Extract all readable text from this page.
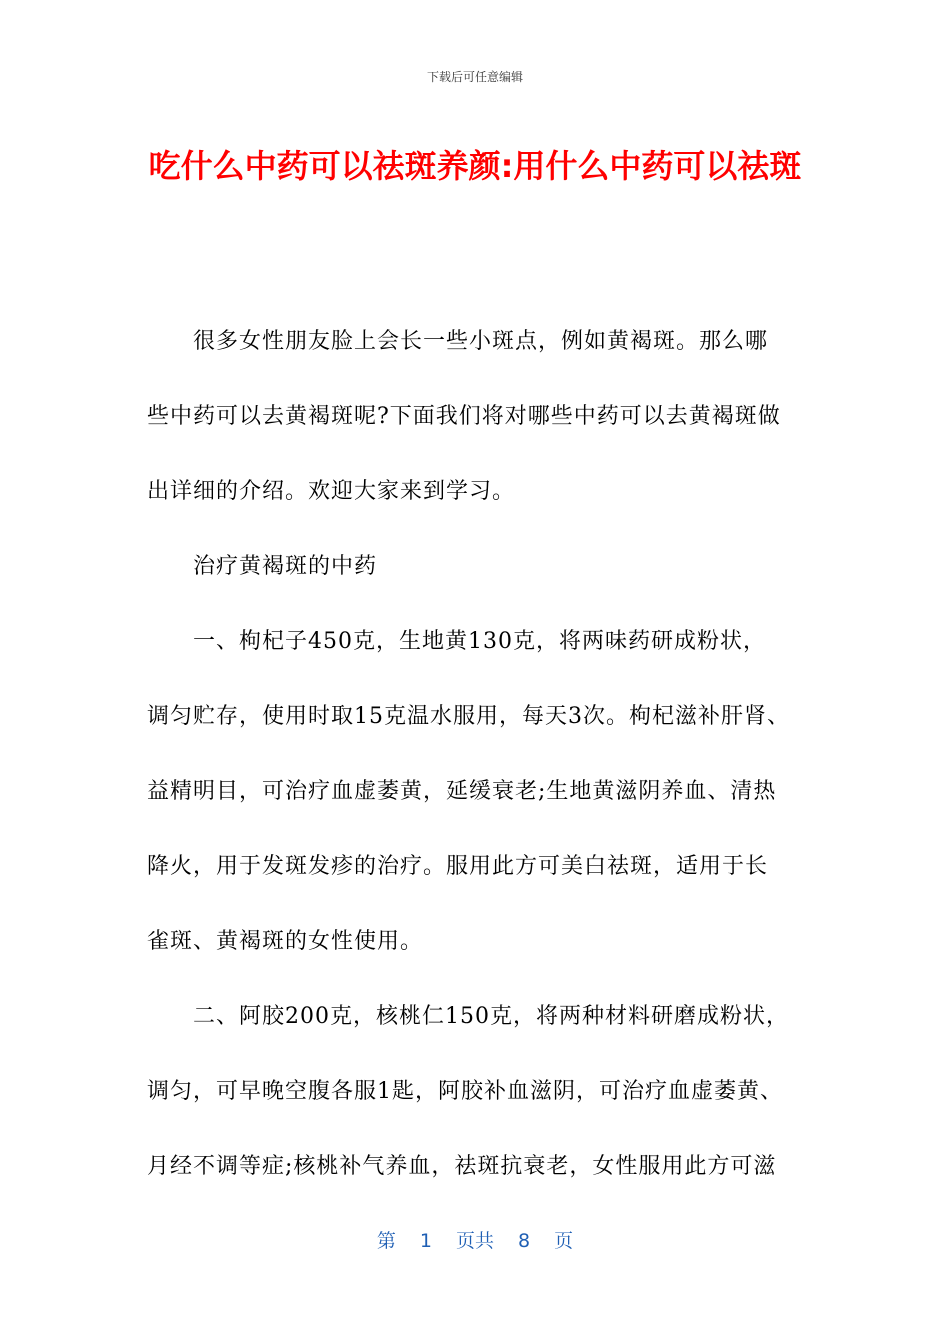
下载后可任意编辑
吃什么中药可以祛斑养颜:用什么中药可以祛斑
很多女性朋友脸上会长一些小斑点，例如黄褐斑。那么哪
些中药可以去黄褐斑呢?下面我们将对哪些中药可以去黄褐斑做
出详细的介绍。欢迎大家来到学习。
治疗黄褐斑的中药
一、枸杞子450克，生地黄130克，将两味药研成粉状，
调匀贮存，使用时取15克温水服用，每天3次。枸杞滋补肝肾、
益精明目，可治疗血虚萎黄，延缓衰老;生地黄滋阴养血、清热
降火，用于发斑发疹的治疗。服用此方可美白祛斑，适用于长
雀斑、黄褐斑的女性使用。
二、阿胶200克，核桃仁150克，将两种材料研磨成粉状，
调匀，可早晚空腹各服1匙，阿胶补血滋阴，可治疗血虚萎黄、
月经不调等症;核桃补气养血，祛斑抗衰老，女性服用此方可滋
第 1 页共 8 页
